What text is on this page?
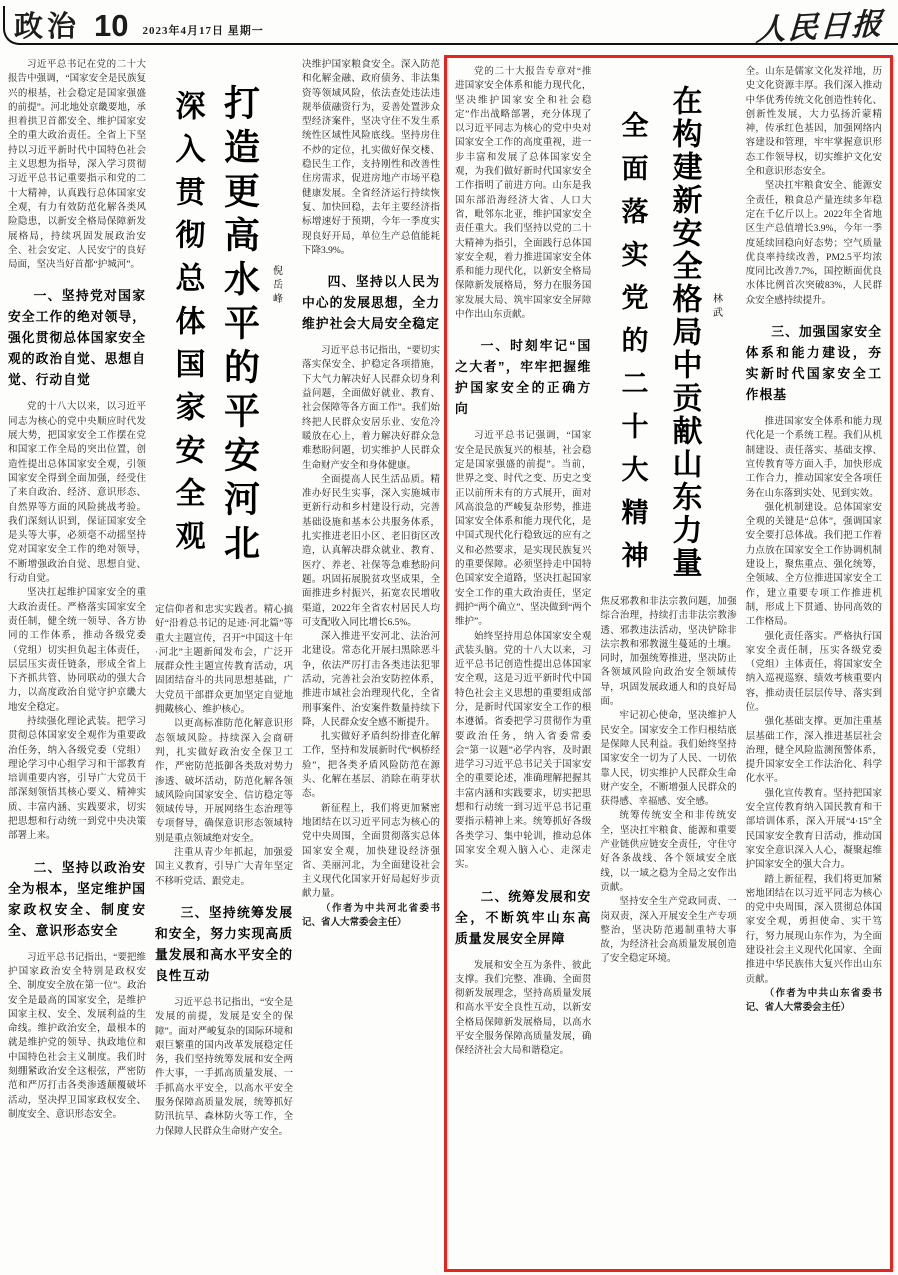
政治 10 2023年4月17日 星期一	人民日报

习近平总书记在党的二十大报告中强调，“国家安全是民族复兴的根基，社会稳定是国家强盛的前提”。河北地处京畿要地，承担着拱卫首都安全、维护国家安全的重大政治责任。全省上下坚持以习近平新时代中国特色社会主义思想为指导，深入学习贯彻习近平总书记重要指示和党的二十大精神，认真践行总体国家安全观，有力有效防范化解各类风险隐患，以新安全格局保障新发展格局，持续巩固发展政治安全、社会安定、人民安宁的良好局面，坚决当好首都“护城河”。

一、坚持党对国家安全工作的绝对领导，强化贯彻总体国家安全观的政治自觉、思想自觉、行动自觉

党的十八大以来，以习近平同志为核心的党中央顺应时代发展大势，把国家安全工作摆在党和国家工作全局的突出位置，创造性提出总体国家安全观，引领国家安全得到全面加强，经受住了来自政治、经济、意识形态、自然界等方面的风险挑战考验。我们深刻认识到，保证国家安全是头等大事，必须毫不动摇坚持党对国家安全工作的绝对领导，不断增强政治自觉、思想自觉、行动自觉。

坚决扛起维护国家安全的重大政治责任。严格落实国家安全责任制，健全统一领导、各方协同的工作体系，推动各级党委（党组）切实担负起主体责任，层层压实责任链条，形成全省上下齐抓共管、协同联动的强大合力，以高度政治自觉守护京畿大地安全稳定。

持续强化理论武装。把学习贯彻总体国家安全观作为重要政治任务，纳入各级党委（党组）理论学习中心组学习和干部教育培训重要内容，引导广大党员干部深刻领悟其核心要义、精神实质、丰富内涵、实践要求，切实把思想和行动统一到党中央决策部署上来。

二、坚持以政治安全为根本，坚定维护国家政权安全、制度安全、意识形态安全

习近平总书记指出，“要把维护国家政治安全特别是政权安全、制度安全放在第一位”。政治安全是最高的国家安全，是维护国家主权、安全、发展利益的生命线。维护政治安全，最根本的就是维护党的领导、执政地位和中国特色社会主义制度。我们时刻绷紧政治安全这根弦，严密防范和严厉打击各类渗透颠覆破坏活动，坚决捍卫国家政权安全、制度安全、意识形态安全。

深入贯彻总体国家安全观 打造更高水平的平安河北	倪岳峰

定信仰者和忠实实践者。精心搞好“沿着总书记的足迹·河北篇”等重大主题宣传，召开“中国这十年·河北”主题新闻发布会，广泛开展群众性主题宣传教育活动，巩固团结奋斗的共同思想基础，广大党员干部群众更加坚定自觉地拥戴核心、维护核心。

以更高标准防范化解意识形态领域风险。持续深入会商研判，扎实做好政治安全保卫工作，严密防范抵御各类敌对势力渗透、破坏活动，防范化解各领域风险向国家安全、信访稳定等领域传导，开展网络生态治理等专项督导，确保意识形态领域特别是重点领域绝对安全。

注重从青少年抓起，加强爱国主义教育，引导广大青年坚定不移听党话、跟党走。

三、坚持统筹发展和安全，努力实现高质量发展和高水平安全的良性互动

习近平总书记指出，“安全是发展的前提，发展是安全的保障”。面对严峻复杂的国际环境和艰巨繁重的国内改革发展稳定任务，我们坚持统筹发展和安全两件大事，一手抓高质量发展、一手抓高水平安全，以高水平安全服务保障高质量发展，统筹抓好防汛抗旱、森林防火等工作，全力保障人民群众生命财产安全。

决维护国家粮食安全。深入防范和化解金融、政府债务、非法集资等领域风险，依法查处违法违规举债融资行为，妥善处置涉众型经济案件，坚决守住不发生系统性区域性风险底线。坚持房住不炒的定位，扎实做好保交楼、稳民生工作，支持刚性和改善性住房需求，促进房地产市场平稳健康发展。全省经济运行持续恢复、加快回稳，去年主要经济指标增速好于预期，今年一季度实现良好开局，单位生产总值能耗下降3.9%。

四、坚持以人民为中心的发展思想，全力维护社会大局安全稳定

习近平总书记指出，“要切实落实保安全、护稳定各项措施，下大气力解决好人民群众切身利益问题，全面做好就业、教育、社会保障等各方面工作”。我们始终把人民群众安居乐业、安危冷暖放在心上，着力解决好群众急难愁盼问题，切实维护人民群众生命财产安全和身体健康。

全面提高人民生活品质。精准办好民生实事，深入实施城市更新行动和乡村建设行动，完善基础设施和基本公共服务体系，扎实推进老旧小区、老旧街区改造，认真解决群众就业、教育、医疗、养老、社保等急难愁盼问题。巩固拓展脱贫攻坚成果，全面推进乡村振兴，拓宽农民增收渠道，2022年全省农村居民人均可支配收入同比增长6.5%。

深入推进平安河北、法治河北建设。常态化开展扫黑除恶斗争，依法严厉打击各类违法犯罪活动，完善社会治安防控体系，推进市域社会治理现代化，全省刑事案件、治安案件数量持续下降，人民群众安全感不断提升。

扎实做好矛盾纠纷排查化解工作，坚持和发展新时代“枫桥经验”，把各类矛盾风险防范在源头、化解在基层、消除在萌芽状态。

新征程上，我们将更加紧密地团结在以习近平同志为核心的党中央周围，全面贯彻落实总体国家安全观，加快建设经济强省、美丽河北，为全面建设社会主义现代化国家开好局起好步贡献力量。

（作者为中共河北省委书记、省人大常委会主任）

党的二十大报告专章对“推进国家安全体系和能力现代化，坚决维护国家安全和社会稳定”作出战略部署，充分体现了以习近平同志为核心的党中央对国家安全工作的高度重视，进一步丰富和发展了总体国家安全观，为我们做好新时代国家安全工作指明了前进方向。山东是我国东部沿海经济大省、人口大省，毗邻东北亚，维护国家安全责任重大。我们坚持以党的二十大精神为指引，全面践行总体国家安全观，着力推进国家安全体系和能力现代化，以新安全格局保障新发展格局，努力在服务国家发展大局、筑牢国家安全屏障中作出山东贡献。

一、时刻牢记“国之大者”，牢牢把握维护国家安全的正确方向

习近平总书记强调，“国家安全是民族复兴的根基，社会稳定是国家强盛的前提”。当前，世界之变、时代之变、历史之变正以前所未有的方式展开，面对风高浪急的严峻复杂形势，推进国家安全体系和能力现代化，是中国式现代化行稳致远的应有之义和必然要求，是实现民族复兴的重要保障。必须坚持走中国特色国家安全道路，坚决扛起国家安全工作的重大政治责任，坚定拥护“两个确立”、坚决做到“两个维护”。

始终坚持用总体国家安全观武装头脑。党的十八大以来，习近平总书记创造性提出总体国家安全观，这是习近平新时代中国特色社会主义思想的重要组成部分，是新时代国家安全工作的根本遵循。省委把学习贯彻作为重要政治任务，纳入省委常委会“第一议题”必学内容，及时跟进学习习近平总书记关于国家安全的重要论述，准确理解把握其丰富内涵和实践要求，切实把思想和行动统一到习近平总书记重要指示精神上来。统筹抓好各级各类学习、集中轮训，推动总体国家安全观入脑入心、走深走实。

二、统筹发展和安全，不断筑牢山东高质量发展安全屏障

发展和安全互为条件、彼此支撑。我们完整、准确、全面贯彻新发展理念，坚持高质量发展和高水平安全良性互动，以新安全格局保障新发展格局，以高水平安全服务保障高质量发展，确保经济社会大局和谐稳定。

全面落实党的二十大精神 在构建新安全格局中贡献山东力量	林武

焦反邪教和非法宗教问题，加强综合治理，持续打击非法宗教渗透、邪教违法活动，坚决铲除非法宗教和邪教滋生蔓延的土壤。同时，加强统筹推进，坚决防止各领域风险向政治安全领域传导，巩固发展政通人和的良好局面。

牢记初心使命，坚决维护人民安全。国家安全工作归根结底是保障人民利益。我们始终坚持国家安全一切为了人民、一切依靠人民，切实维护人民群众生命财产安全，不断增强人民群众的获得感、幸福感、安全感。

统筹传统安全和非传统安全，坚决扛牢粮食、能源和重要产业链供应链安全责任，守住守好各条战线、各个领域安全底线，以一域之稳为全局之安作出贡献。

坚持安全生产党政同责、一岗双责，深入开展安全生产专项整治，坚决防范遏制重特大事故，为经济社会高质量发展创造了安全稳定环境。

全。山东是儒家文化发祥地，历史文化资源丰厚。我们深入推动中华优秀传统文化创造性转化、创新性发展，大力弘扬沂蒙精神，传承红色基因，加强网络内容建设和管理，牢牢掌握意识形态工作领导权，切实维护文化安全和意识形态安全。

坚决扛牢粮食安全、能源安全责任，粮食总产量连续多年稳定在千亿斤以上。2022年全省地区生产总值增长3.9%，今年一季度延续回稳向好态势；空气质量优良率持续改善，PM2.5平均浓度同比改善7.7%，国控断面优良水体比例首次突破83%，人民群众安全感持续提升。

三、加强国家安全体系和能力建设，夯实新时代国家安全工作根基

推进国家安全体系和能力现代化是一个系统工程。我们从机制建设、责任落实、基础支撑、宣传教育等方面入手，加快形成工作合力，推动国家安全各项任务在山东落到实处、见到实效。

强化机制建设。总体国家安全观的关键是“总体”，强调国家安全要打总体战。我们把工作着力点放在国家安全工作协调机制建设上，聚焦重点、强化统筹，全领域、全方位推进国家安全工作，建立重要专项工作推进机制，形成上下贯通、协同高效的工作格局。

强化责任落实。严格执行国家安全责任制，压实各级党委（党组）主体责任，将国家安全纳入巡视巡察、绩效考核重要内容，推动责任层层传导、落实到位。

强化基础支撑。更加注重基层基础工作，深入推进基层社会治理，健全风险监测预警体系，提升国家安全工作法治化、科学化水平。

强化宣传教育。坚持把国家安全宣传教育纳入国民教育和干部培训体系，深入开展“4·15”全民国家安全教育日活动，推动国家安全意识深入人心，凝聚起维护国家安全的强大合力。

踏上新征程，我们将更加紧密地团结在以习近平同志为核心的党中央周围，深入贯彻总体国家安全观，勇担使命、实干笃行，努力展现山东作为，为全面建设社会主义现代化国家、全面推进中华民族伟大复兴作出山东贡献。

（作者为中共山东省委书记、省人大常委会主任）
